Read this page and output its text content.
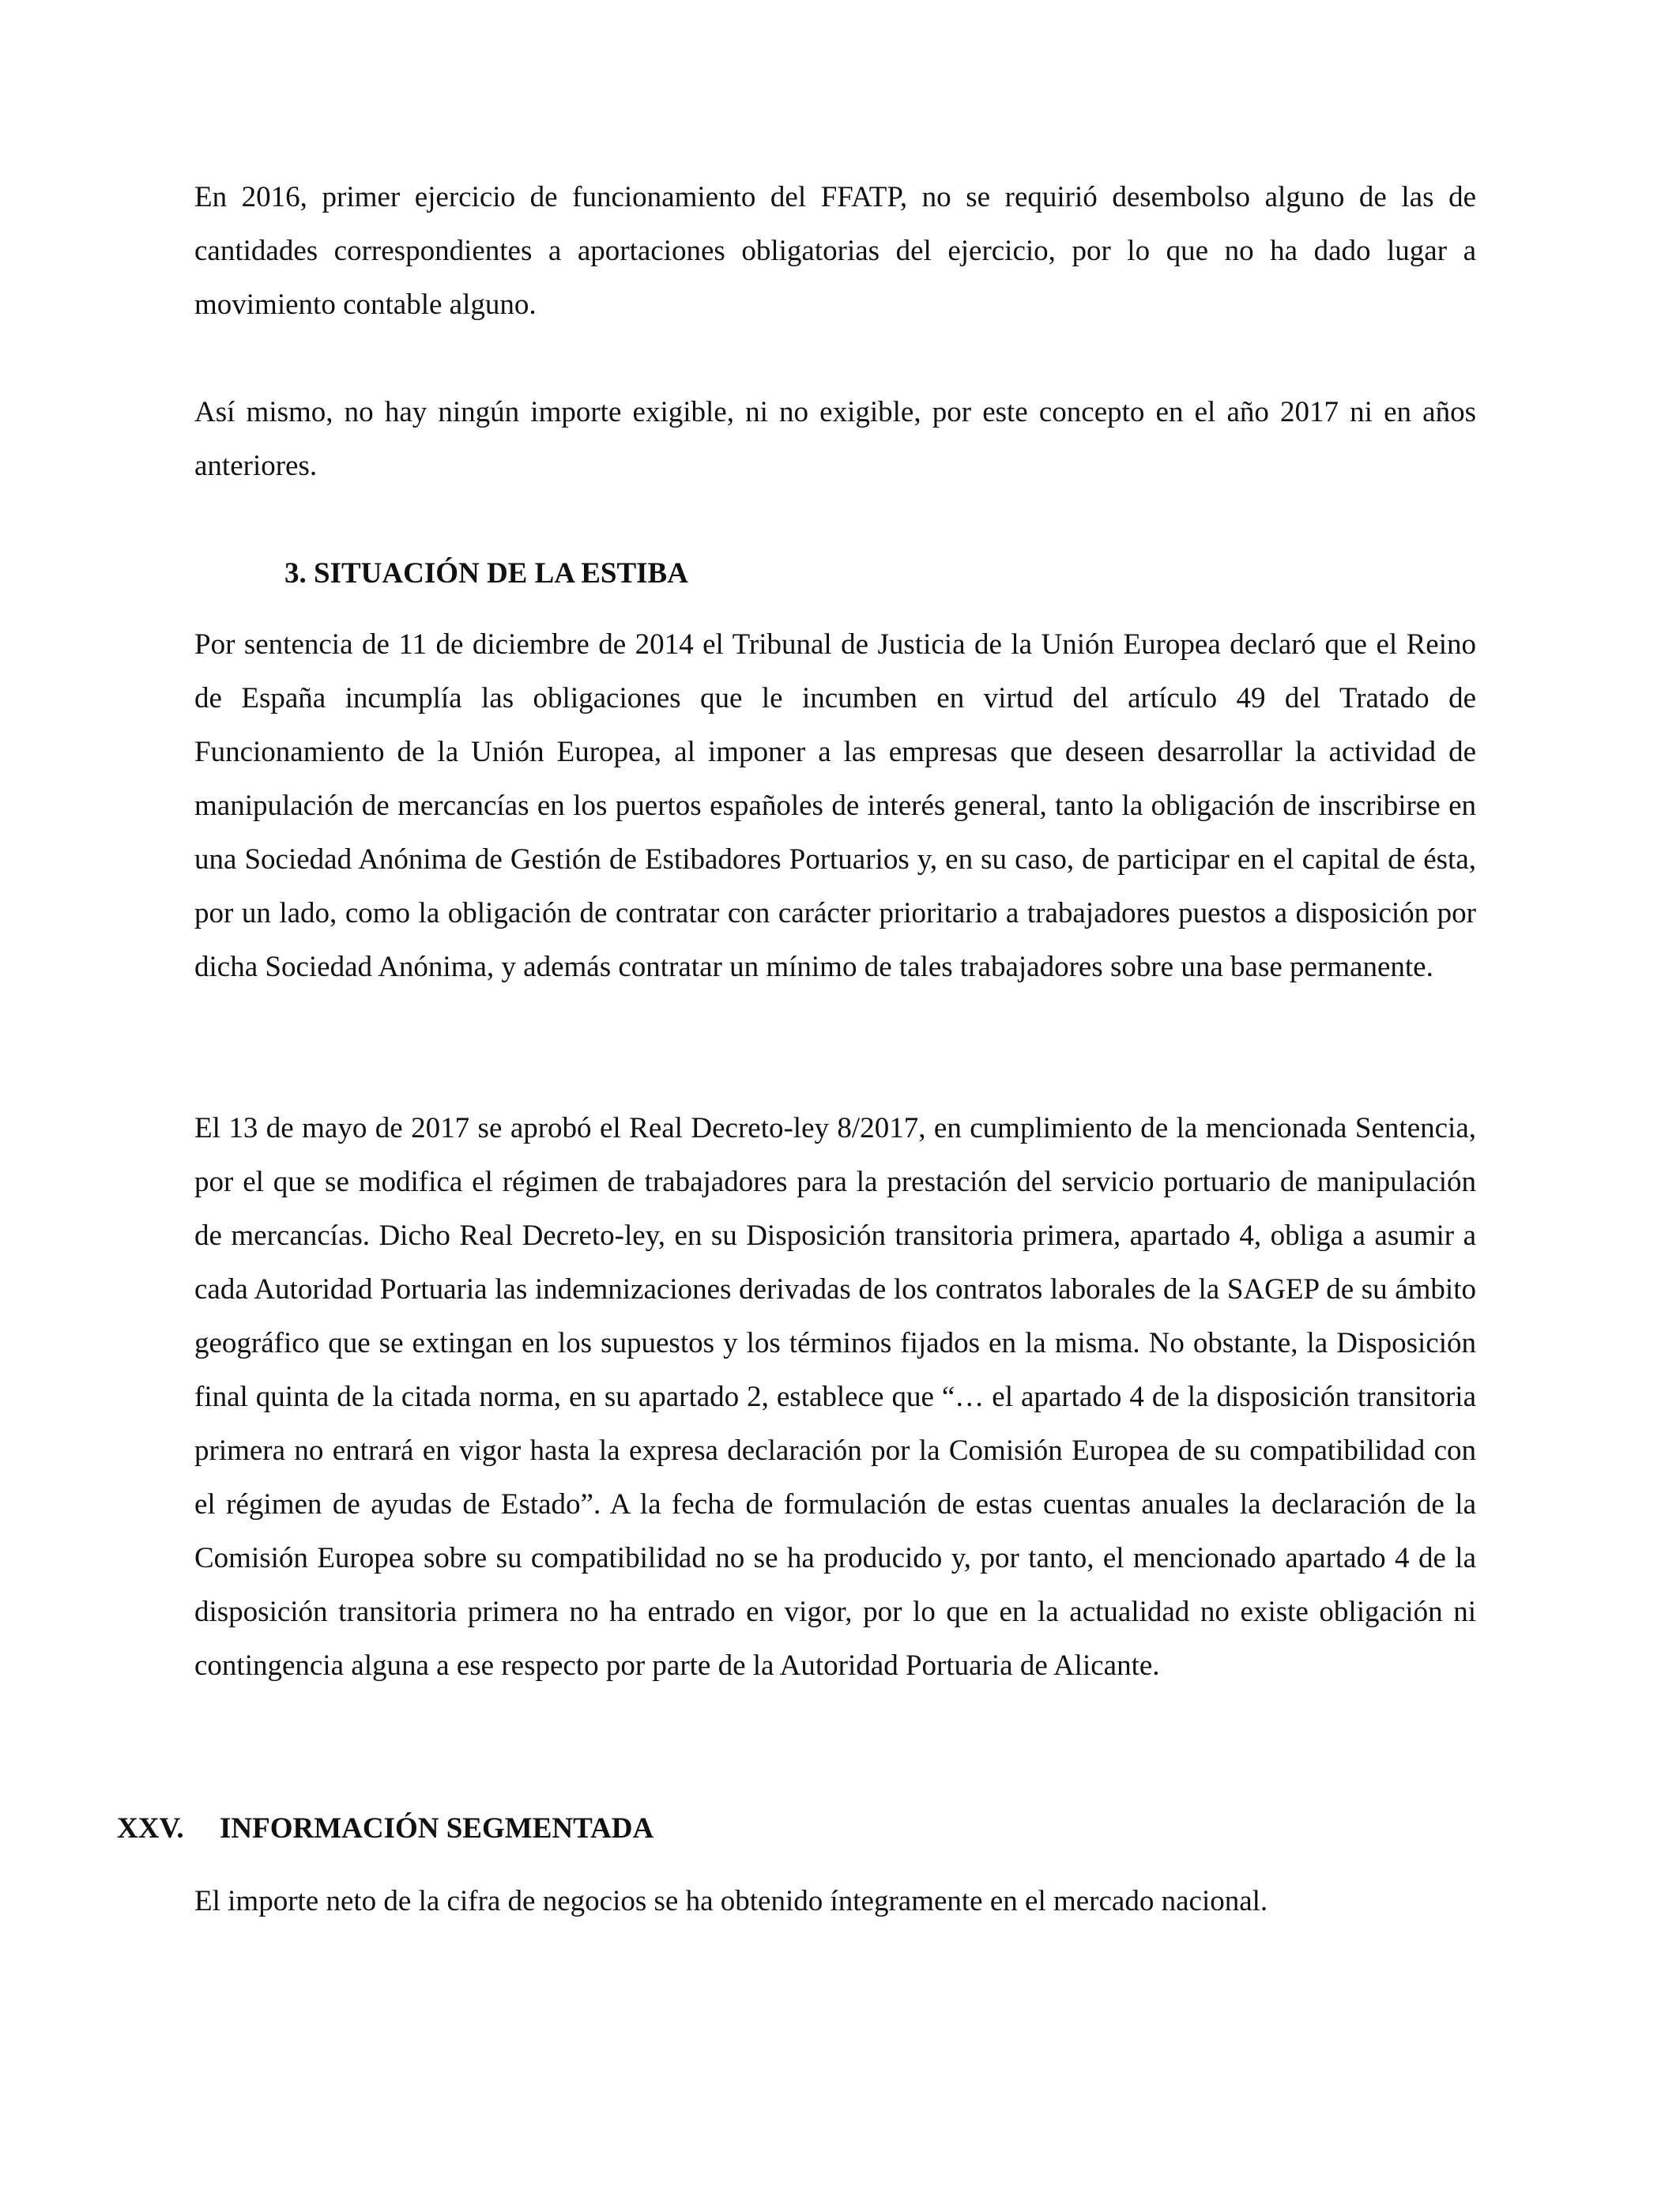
En 2016, primer ejercicio de funcionamiento del FFATP, no se requirió desembolso alguno de las de cantidades correspondientes a aportaciones obligatorias del ejercicio, por lo que no ha dado lugar a movimiento contable alguno.

Así mismo, no hay ningún importe exigible, ni no exigible, por este concepto en el año 2017 ni en años anteriores.

3. SITUACIÓN DE LA ESTIBA

Por sentencia de 11 de diciembre de 2014 el Tribunal de Justicia de la Unión Europea declaró que el Reino de España incumplía las obligaciones que le incumben en virtud del artículo 49 del Tratado de Funcionamiento de la Unión Europea, al imponer a las empresas que deseen desarrollar la actividad de manipulación de mercancías en los puertos españoles de interés general, tanto la obligación de inscribirse en una Sociedad Anónima de Gestión de Estibadores Portuarios y, en su caso, de participar en el capital de ésta, por un lado, como la obligación de contratar con carácter prioritario a trabajadores puestos a disposición por dicha Sociedad Anónima, y además contratar un mínimo de tales trabajadores sobre una base permanente.

El 13 de mayo de 2017 se aprobó el Real Decreto-ley 8/2017, en cumplimiento de la mencionada Sentencia, por el que se modifica el régimen de trabajadores para la prestación del servicio portuario de manipulación de mercancías. Dicho Real Decreto-ley, en su Disposición transitoria primera, apartado 4, obliga a asumir a cada Autoridad Portuaria las indemnizaciones derivadas de los contratos laborales de la SAGEP de su ámbito geográfico que se extingan en los supuestos y los términos fijados en la misma. No obstante, la Disposición final quinta de la citada norma, en su apartado 2, establece que “… el apartado 4 de la disposición transitoria primera no entrará en vigor hasta la expresa declaración por la Comisión Europea de su compatibilidad con el régimen de ayudas de Estado”. A la fecha de formulación de estas cuentas anuales la declaración de la Comisión Europea sobre su compatibilidad no se ha producido y, por tanto, el mencionado apartado 4 de la disposición transitoria primera no ha entrado en vigor, por lo que en la actualidad no existe obligación ni contingencia alguna a ese respecto por parte de la Autoridad Portuaria de Alicante.

XXV. INFORMACIÓN SEGMENTADA

El importe neto de la cifra de negocios se ha obtenido íntegramente en el mercado nacional.
